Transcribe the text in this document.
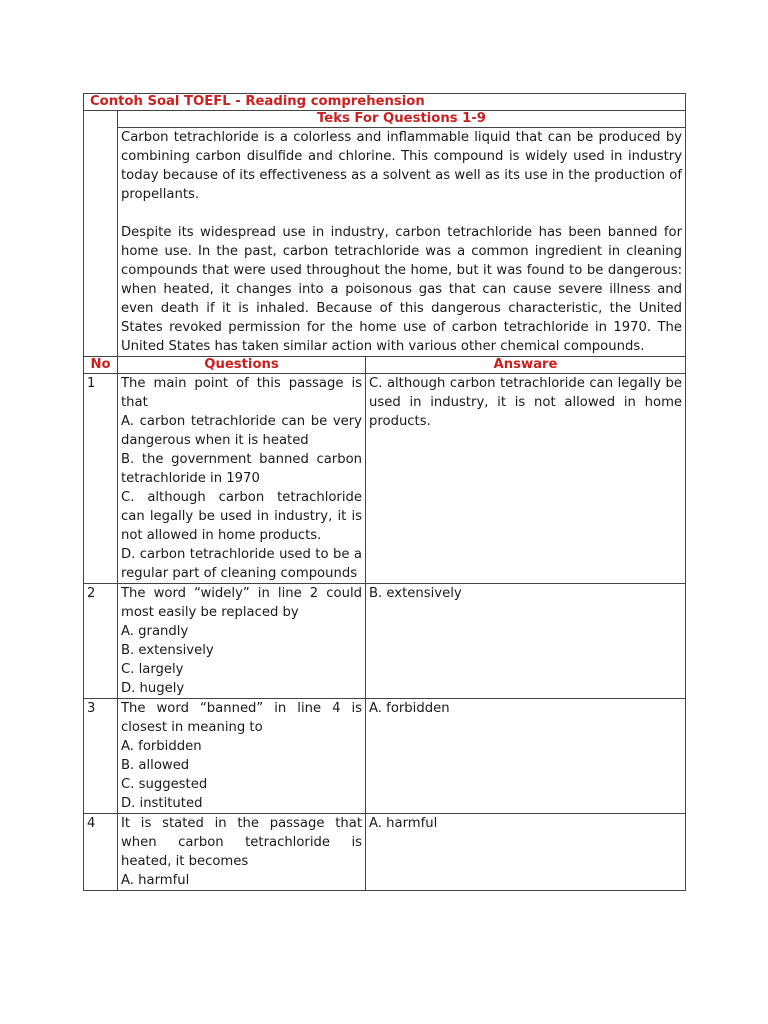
Contoh Soal TOEFL - Reading comprehension		
	Teks For Questions 1-9	

	Carbon tetrachloride is a colorless and inflammable liquid that can be produced by combining carbon disulfide and chlorine. This compound is widely used in industry today because of its effectiveness as a solvent as well as its use in the production of propellants.

Despite its widespread use in industry, carbon tetrachloride has been banned for home use. In the past, carbon tetrachloride was a common ingredient in cleaning compounds that were used throughout the home, but it was found to be dangerous: when heated, it changes into a poisonous gas that can cause severe illness and even death if it is inhaled. Because of this dangerous characteristic, the United States revoked permission for the home use of carbon tetrachloride in 1970. The United States has taken similar action with various other chemical compounds.	

No	Questions	Answare
1	The main point of this passage is that
A. carbon tetrachloride can be very dangerous when it is heated
B. the government banned carbon tetrachloride in 1970
C. although carbon tetrachloride can legally be used in industry, it is not allowed in home products.
D. carbon tetrachloride used to be a regular part of cleaning compounds	C. although carbon tetrachloride can legally be used in industry, it is not allowed in home products.
2	The word “widely” in line 2 could most easily be replaced by
A. grandly
B. extensively
C. largely
D. hugely	B. extensively
3	The word “banned” in line 4 is closest in meaning to
A. forbidden
B. allowed
C. suggested
D. instituted	A. forbidden
4	It is stated in the passage that when carbon tetrachloride is heated, it becomes
A. harmful	A. harmful
